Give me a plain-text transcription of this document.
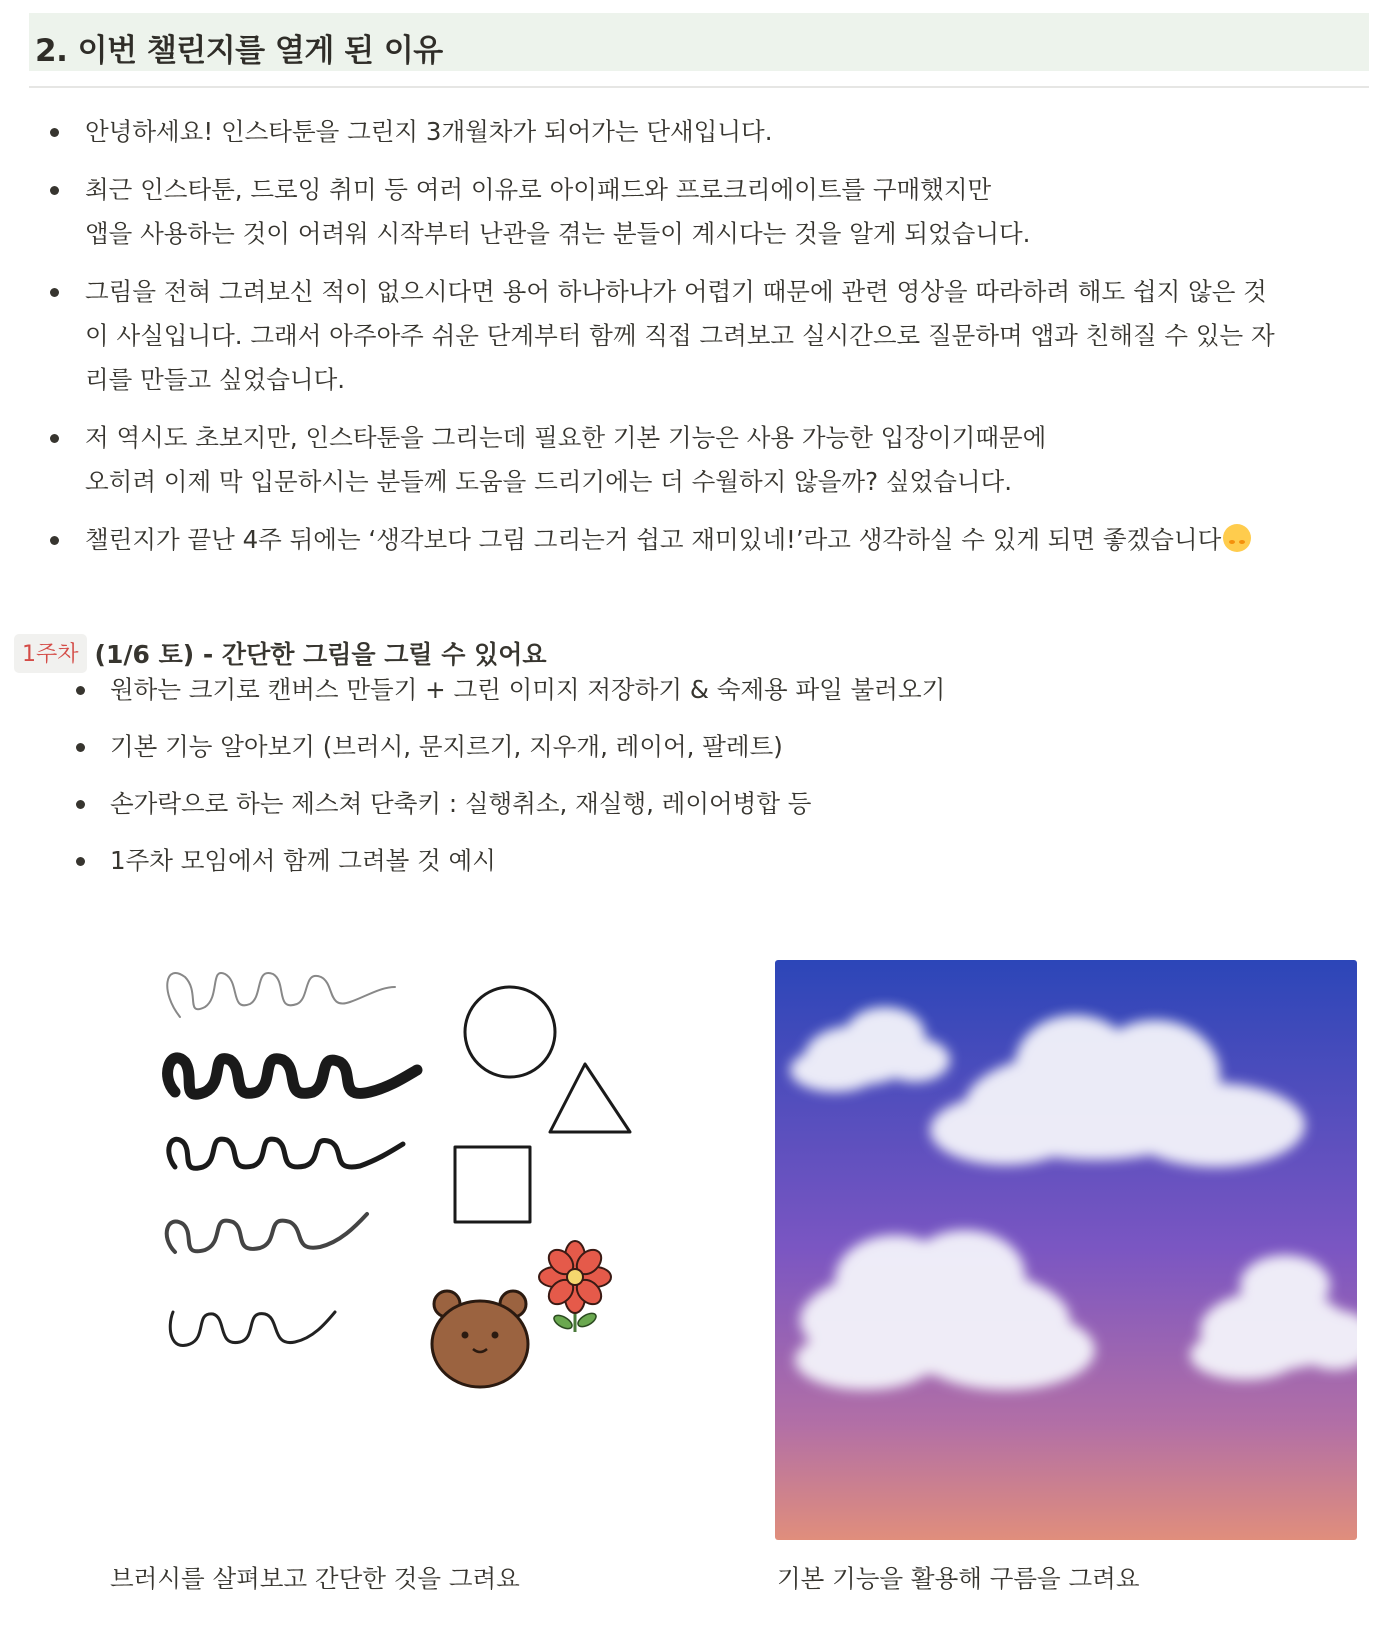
2. 이번 챌린지를 열게 된 이유
안녕하세요! 인스타툰을 그린지 3개월차가 되어가는 단새입니다.
최근 인스타툰, 드로잉 취미 등 여러 이유로 아이패드와 프로크리에이트를 구매했지만
앱을 사용하는 것이 어려워 시작부터 난관을 겪는 분들이 계시다는 것을 알게 되었습니다.
그림을 전혀 그려보신 적이 없으시다면 용어 하나하나가 어렵기 때문에 관련 영상을 따라하려 해도 쉽지 않은 것
이 사실입니다. 그래서 아주아주 쉬운 단계부터 함께 직접 그려보고 실시간으로 질문하며 앱과 친해질 수 있는 자
리를 만들고 싶었습니다.
저 역시도 초보지만, 인스타툰을 그리는데 필요한 기본 기능은 사용 가능한 입장이기때문에
오히려 이제 막 입문하시는 분들께 도움을 드리기에는 더 수월하지 않을까? 싶었습니다.
챌린지가 끝난 4주 뒤에는 ‘생각보다 그림 그리는거 쉽고 재미있네!’라고 생각하실 수 있게 되면 좋겠습니다
1주차 (1/6 토) - 간단한 그림을 그릴 수 있어요
원하는 크기로 캔버스 만들기 + 그린 이미지 저장하기 & 숙제용 파일 불러오기
기본 기능 알아보기 (브러시, 문지르기, 지우개, 레이어, 팔레트)
손가락으로 하는 제스쳐 단축키 : 실행취소, 재실행, 레이어병합 등
1주차 모임에서 함께 그려볼 것 예시
브러시를 살펴보고 간단한 것을 그려요	기본 기능을 활용해 구름을 그려요
